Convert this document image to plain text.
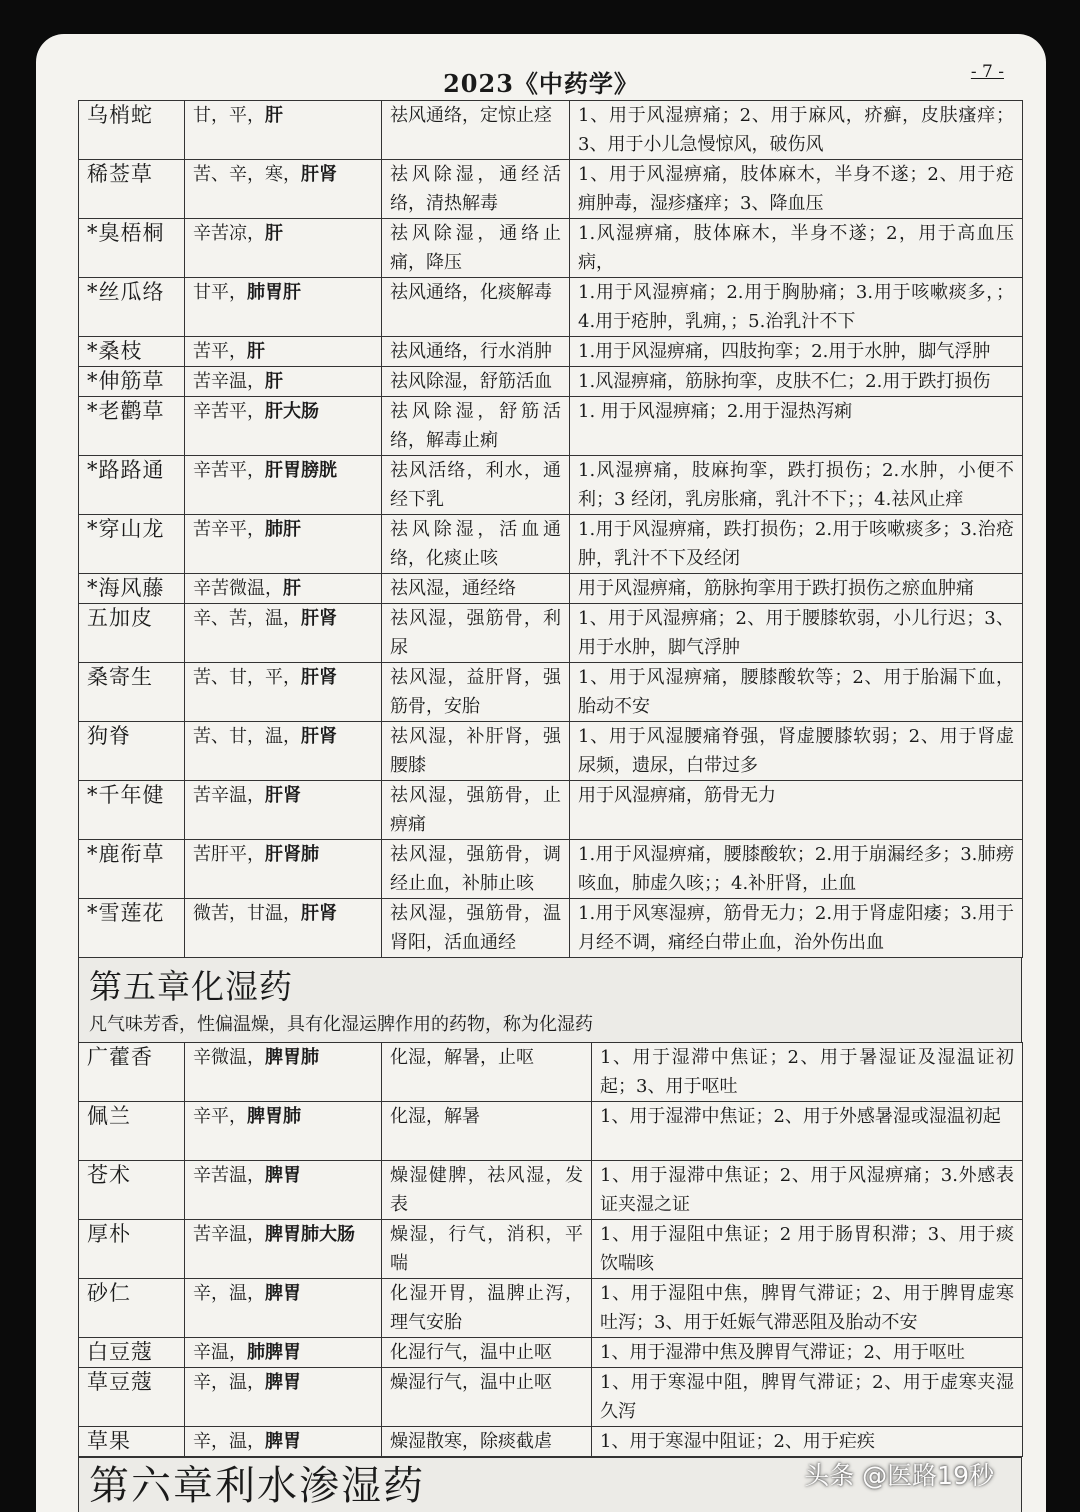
2023《中药学》	- 7 -
乌梢蛇	甘，平，肝	祛风通络，定惊止痉	1、用于风湿痹痛；2、用于麻风，疥癣，皮肤瘙痒；3、用于小儿急慢惊风，破伤风
稀莶草	苦、辛，寒，肝肾	祛风除湿，通经活络，清热解毒	1、用于风湿痹痛，肢体麻木，半身不遂；2、用于疮痈肿毒，湿疹瘙痒；3、降血压
*臭梧桐	辛苦凉，肝	祛风除湿，通络止痛，降压	1.风湿痹痛，肢体麻木，半身不遂；2，用于高血压病，
*丝瓜络	甘平，肺胃肝	祛风通络，化痰解毒	1.用于风湿痹痛；2.用于胸胁痛；3.用于咳嗽痰多，；4.用于疮肿，乳痈，；5.治乳汁不下
*桑枝	苦平，肝	祛风通络，行水消肿	1.用于风湿痹痛，四肢拘挛；2.用于水肿，脚气浮肿
*伸筋草	苦辛温，肝	祛风除湿，舒筋活血	1.风湿痹痛，筋脉拘挛，皮肤不仁；2.用于跌打损伤
*老鹳草	辛苦平，肝大肠	祛风除湿，舒筋活络，解毒止痢	1. 用于风湿痹痛；2.用于湿热泻痢
*路路通	辛苦平，肝胃膀胱	祛风活络，利水，通经下乳	1.风湿痹痛，肢麻拘挛，跌打损伤；2.水肿，小便不利；3 经闭，乳房胀痛，乳汁不下；；4.祛风止痒
*穿山龙	苦辛平，肺肝	祛风除湿，活血通络，化痰止咳	1.用于风湿痹痛，跌打损伤；2.用于咳嗽痰多；3.治疮肿，乳汁不下及经闭
*海风藤	辛苦微温，肝	祛风湿，通经络	用于风湿痹痛，筋脉拘挛用于跌打损伤之瘀血肿痛
五加皮	辛、苦，温，肝肾	祛风湿，强筋骨，利尿	1、用于风湿痹痛；2、用于腰膝软弱，小儿行迟；3、用于水肿，脚气浮肿
桑寄生	苦、甘，平，肝肾	祛风湿，益肝肾，强筋骨，安胎	1、用于风湿痹痛，腰膝酸软等；2、用于胎漏下血，胎动不安
狗脊	苦、甘，温，肝肾	祛风湿，补肝肾，强腰膝	1、用于风湿腰痛脊强，肾虚腰膝软弱；2、用于肾虚尿频，遗尿，白带过多
*千年健	苦辛温，肝肾	祛风湿，强筋骨，止痹痛	用于风湿痹痛，筋骨无力
*鹿衔草	苦肝平，肝肾肺	祛风湿，强筋骨，调经止血，补肺止咳	1.用于风湿痹痛，腰膝酸软；2.用于崩漏经多；3.肺痨咳血，肺虚久咳；；4.补肝肾，止血
*雪莲花	微苦，甘温，肝肾	祛风湿，强筋骨，温肾阳，活血通经	1.用于风寒湿痹，筋骨无力；2.用于肾虚阳痿；3.用于月经不调，痛经白带止血，治外伤出血
第五章化湿药
凡气味芳香，性偏温燥，具有化湿运脾作用的药物，称为化湿药
广藿香	辛微温，脾胃肺	化湿，解暑，止呕	1、用于湿滞中焦证；2、用于暑湿证及湿温证初起；3、用于呕吐
佩兰	辛平，脾胃肺	化湿，解暑	1、用于湿滞中焦证；2、用于外感暑湿或湿温初起
苍术	辛苦温，脾胃	燥湿健脾，祛风湿，发表	1、用于湿滞中焦证；2、用于风湿痹痛；3.外感表证夹湿之证
厚朴	苦辛温，脾胃肺大肠	燥湿，行气，消积，平喘	1、用于湿阻中焦证；2 用于肠胃积滞；3、用于痰饮喘咳
砂仁	辛，温，脾胃	化湿开胃，温脾止泻，理气安胎	1、用于湿阻中焦，脾胃气滞证；2、用于脾胃虚寒吐泻；3、用于妊娠气滞恶阻及胎动不安
白豆蔻	辛温，肺脾胃	化湿行气，温中止呕	1、用于湿滞中焦及脾胃气滞证；2、用于呕吐
草豆蔻	辛，温，脾胃	燥湿行气，温中止呕	1、用于寒湿中阻，脾胃气滞证；2、用于虚寒夹湿久泻
草果	辛，温，脾胃	燥湿散寒，除痰截虐	1、用于寒湿中阻证；2、用于疟疾
第六章利水渗湿药	头条 @医路19秒
